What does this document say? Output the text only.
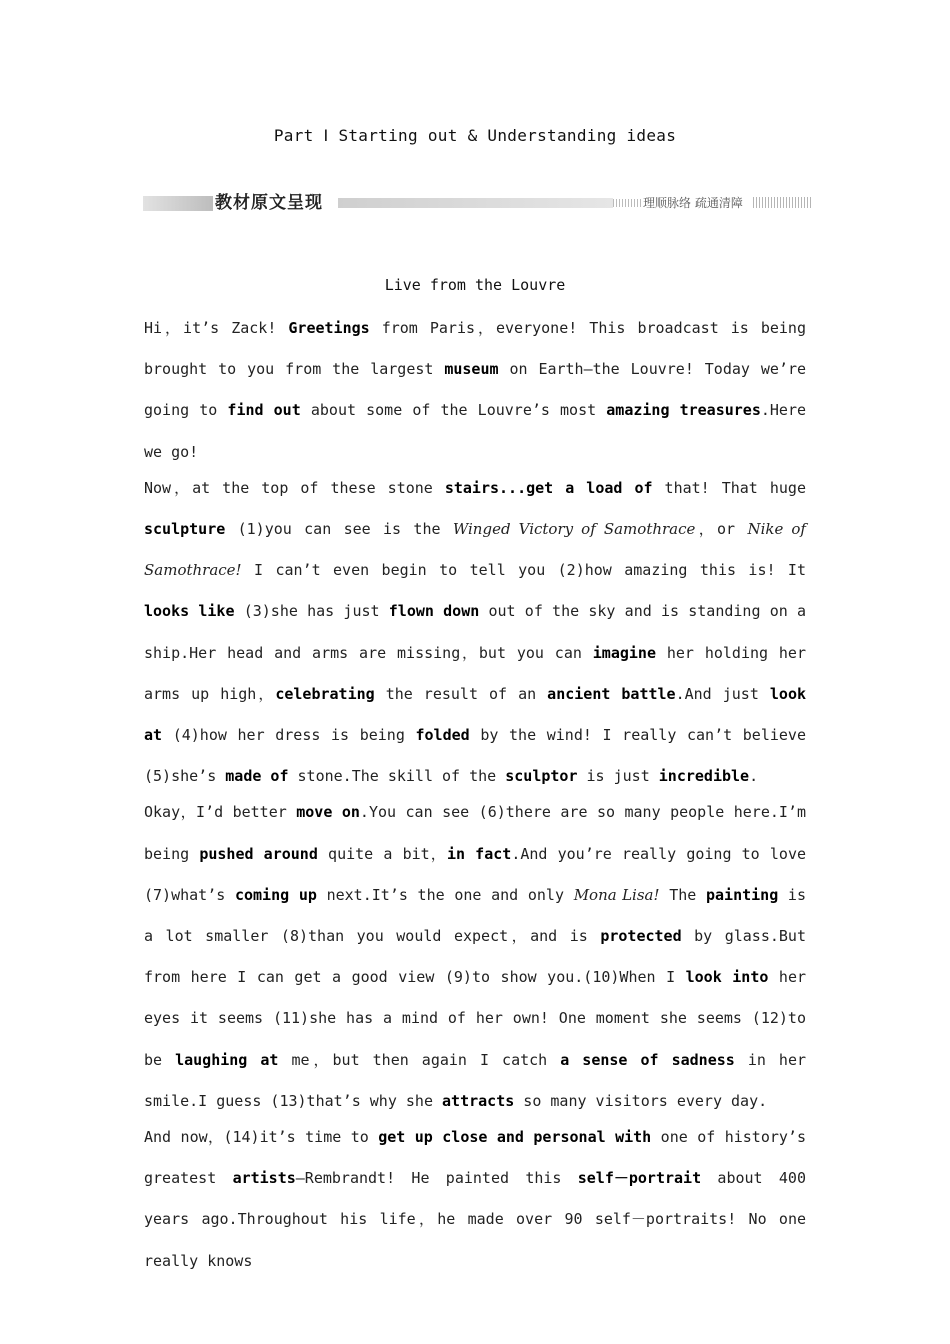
Part Ⅰ Starting out & Understanding ideas
教材原文呈现	理顺脉络 疏通清障
Live from the Louvre

Hi，it’s Zack! Greetings from Paris，everyone! This broadcast is being brought to you from the largest museum on Earth—the Louvre! Today we’re going to find out about some of the Louvre’s most amazing treasures.Here we go!

Now，at the top of these stone stairs...get a load of that! That huge sculpture (1)you can see is the Winged Victory of Samothrace，or Nike of Samothrace! I can’t even begin to tell you (2)how amazing this is! It looks like (3)she has just flown down out of the sky and is standing on a ship.Her head and arms are missing，but you can imagine her holding her arms up high，celebrating the result of an ancient battle.And just look at (4)how her dress is being folded by the wind! I really can’t believe (5)she’s made of stone.The skill of the sculptor is just incredible.

Okay，I’d better move on.You can see (6)there are so many people here.I’m being pushed around quite a bit，in fact.And you’re really going to love (7)what’s coming up next.It’s the one and only Mona Lisa! The painting is a lot smaller (8)than you would expect，and is protected by glass.But from here I can get a good view (9)to show you.(10)When I look into her eyes it seems (11)she has a mind of her own! One moment she seems (12)to be laughing at me，but then again I catch a sense of sadness in her smile.I guess (13)that’s why she attracts so many visitors every day.

And now，(14)it’s time to get up close and personal with one of history’s greatest artists—Rembrandt! He painted this self－portrait about 400 years ago.Throughout his life，he made over 90 self－portraits! No one really knows
